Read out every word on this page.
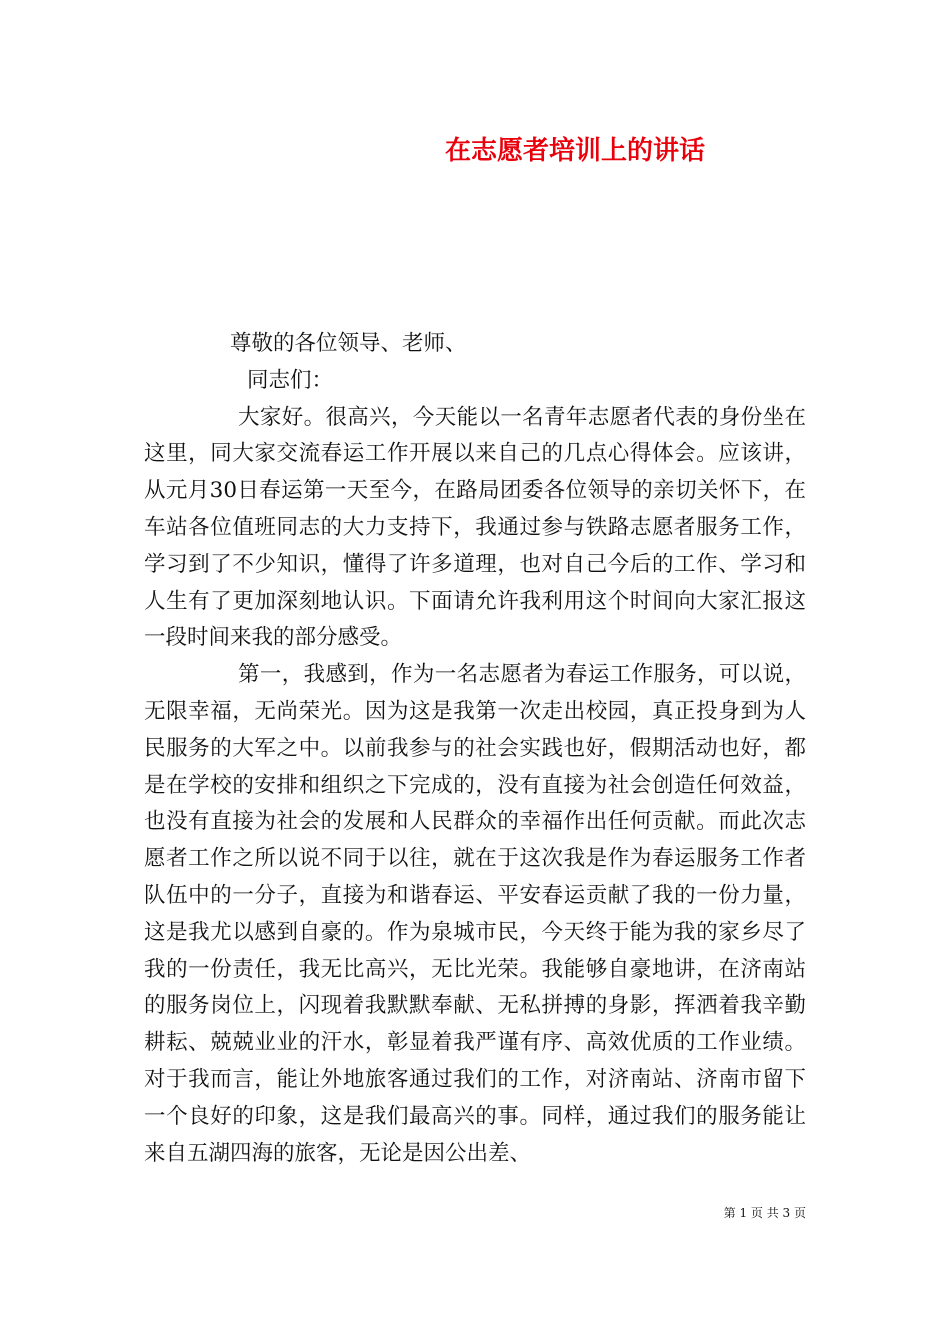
在志愿者培训上的讲话

尊敬的各位领导、老师、

同志们：

大家好。很高兴，今天能以一名青年志愿者代表的身份坐在这里，同大家交流春运工作开展以来自己的几点心得体会。应该讲，从元月30日春运第一天至今，在路局团委各位领导的亲切关怀下，在车站各位值班同志的大力支持下，我通过参与铁路志愿者服务工作，学习到了不少知识，懂得了许多道理，也对自己今后的工作、学习和人生有了更加深刻地认识。下面请允许我利用这个时间向大家汇报这一段时间来我的部分感受。

第一，我感到，作为一名志愿者为春运工作服务，可以说，无限幸福，无尚荣光。因为这是我第一次走出校园，真正投身到为人民服务的大军之中。以前我参与的社会实践也好，假期活动也好，都是在学校的安排和组织之下完成的，没有直接为社会创造任何效益，也没有直接为社会的发展和人民群众的幸福作出任何贡献。而此次志愿者工作之所以说不同于以往，就在于这次我是作为春运服务工作者队伍中的一分子，直接为和谐春运、平安春运贡献了我的一份力量，这是我尤以感到自豪的。作为泉城市民，今天终于能为我的家乡尽了我的一份责任，我无比高兴，无比光荣。我能够自豪地讲，在济南站的服务岗位上，闪现着我默默奉献、无私拼搏的身影，挥洒着我辛勤耕耘、兢兢业业的汗水，彰显着我严谨有序、高效优质的工作业绩。对于我而言，能让外地旅客通过我们的工作，对济南站、济南市留下一个良好的印象，这是我们最高兴的事。同样，通过我们的服务能让来自五湖四海的旅客，无论是因公出差、

第 1 页 共 3 页
